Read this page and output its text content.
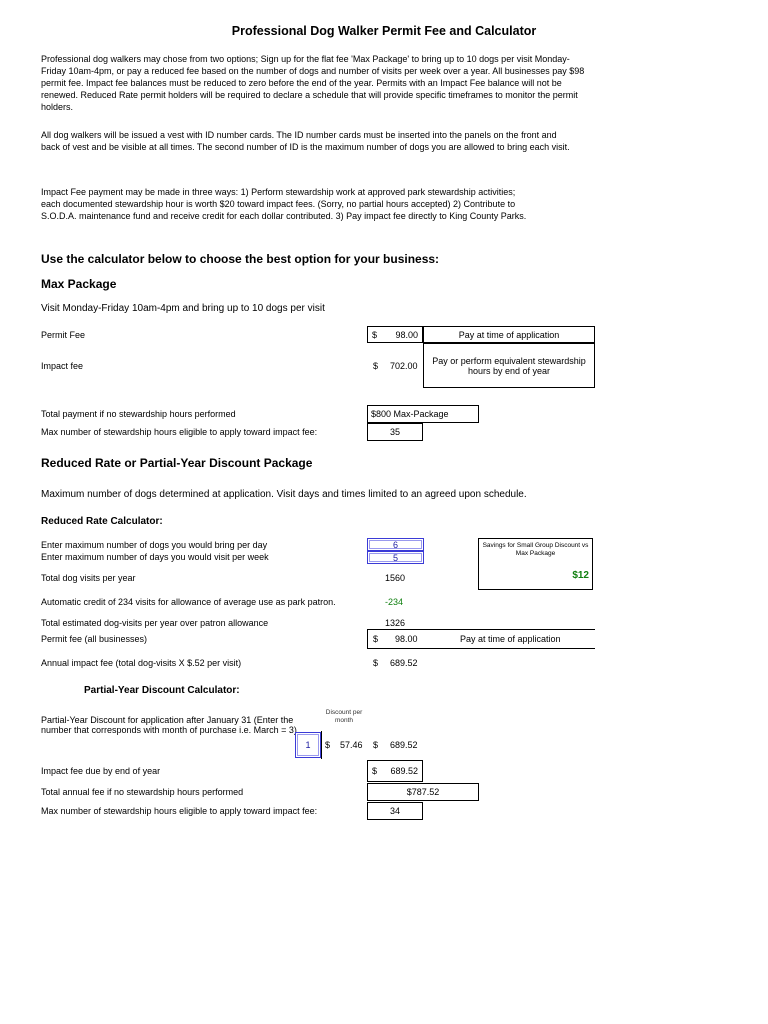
Professional Dog Walker Permit Fee and Calculator
Professional dog walkers may chose from two options; Sign up for the flat fee 'Max Package' to bring up to 10 dogs per visit Monday-
Friday 10am-4pm, or pay a reduced fee based on the number of dogs and number of visits per week over a year. All businesses pay $98
permit fee. Impact fee balances must be reduced to zero before the end of the year. Permits with an Impact Fee balance will not be
renewed. Reduced Rate permit holders will be required to declare a schedule that will provide specific timeframes to monitor the permit
holders.
All dog walkers will be issued a vest with ID number cards. The ID number cards must be inserted into the panels on the front and
back of vest and be visible at all times. The second number of ID is the maximum number of dogs you are allowed to bring each visit.
Impact Fee payment may be made in three ways: 1) Perform stewardship work at approved park stewardship activities;
each documented stewardship hour is worth $20 toward impact fees. (Sorry, no partial hours accepted) 2) Contribute to
S.O.D.A. maintenance fund and receive credit for each dollar contributed. 3) Pay impact fee directly to King County Parks.
Use the calculator below to choose the best option for your business:
Max Package
Visit Monday-Friday 10am-4pm and bring up to 10 dogs per visit
Permit Fee	$ 98.00	Pay at time of application
Impact fee	$ 702.00
Pay or perform equivalent stewardship hours by end of year
Total payment if no stewardship hours performed	$800 Max-Package
Max number of stewardship hours eligible to apply toward impact fee:	35
Reduced Rate or Partial-Year Discount Package
Maximum number of dogs determined at application. Visit days and times limited to an agreed upon schedule.
Reduced Rate Calculator:
Enter maximum number of dogs you would bring per day	6
Enter maximum number of days you would visit per week	5
Savings for Small Group Discount vs Max Package
$12
Total dog visits per year	1560
Automatic credit of 234 visits for allowance of average use as park patron.	-234
Total estimated dog-visits per year over patron allowance	1326
Permit fee (all businesses)	$ 98.00	Pay at time of application
Annual impact fee (total dog-visits X $.52 per visit)	$ 689.52
Partial-Year Discount Calculator:
Discount per month
Partial-Year Discount for application after January 31 (Enter the number that corresponds with month of purchase i.e. March = 3)
1	$ 57.46 $ 689.52
Impact fee due by end of year	$ 689.52
Total annual fee if no stewardship hours performed	$787.52
Max number of stewardship hours eligible to apply toward impact fee:	34
